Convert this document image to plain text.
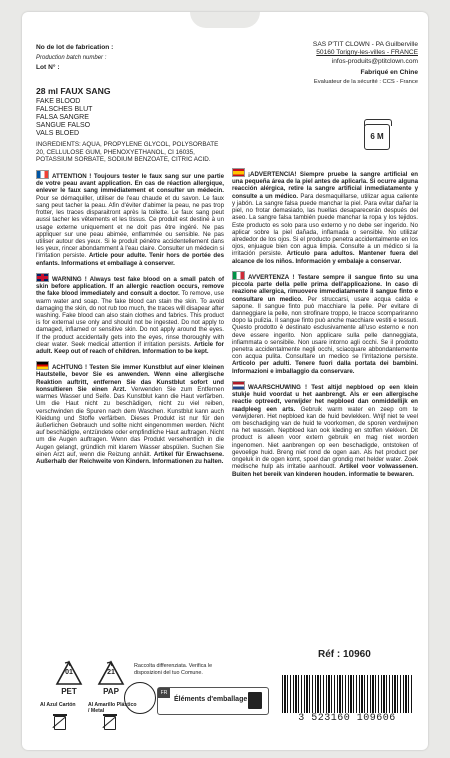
No de lot de fabrication :
Production batch number :
Lot N° :
SAS P'TIT CLOWN - PA Guilberville
50160 Torigny-les-villes - FRANCE
infos-produits@ptitclown.com
Fabriqué en Chine
Evaluateur de la sécurité : CCS - France
6 M
28 ml FAUX SANG
FAKE BLOOD
FALSCHES BLUT
FALSA SANGRE
SANGUE FALSO
VALS BLOED
INGREDIENTS: AQUA, PROPYLENE GLYCOL, POLYSORBATE 20, CELLULOSE GUM, PHENOXYETHANOL, CI 16035, POTASSIUM SORBATE, SODIUM BENZOATE, CITRIC ACID.
ATTENTION ! Toujours tester le faux sang sur une partie de votre peau avant application. En cas de réaction allergique, enlever le faux sang immédiatement et consulter un médecin. Pour se démaquiller, utiliser de l'eau chaude et du savon. Le faux sang peut tacher la peau. Afin d'éviter d'abimer la peau, ne pas trop frotter, les traces disparaitront après la toilette. Le faux sang peut aussi tacher les vêtements et les tissus. Ce produit est destiné à un usage externe uniquement et ne doit pas être ingéré. Ne pas appliquer sur une peau abimée, enflammée ou sensible. Ne pas utiliser autour des yeux. Si le produit pénètre accidentellement dans les yeux, rincer abondamment à l'eau claire. Consulter un médecin si l'irritation persiste. Article pour adulte. Tenir hors de portée des enfants. Informations et emballage à conserver.
WARNING ! Always test fake blood on a small patch of skin before application. If an allergic reaction occurs, remove the fake blood immediately and consult a doctor. To remove, use warm water and soap. The fake blood can stain the skin. To avoid damaging the skin, do not rub too much, the traces will disapear after washing. Fake blood can also stain clothes and fabrics. This product is for external use only and should not be ingested. Do not apply to damaged, inflamed or sensitive skin. Do not apply around the eyes. If the product accidentally gets into the eyes, rinse thoroughly with clear water. Seek medical attention if irritation persists. Article for adult. Keep out of reach of children. Information to be kept.
ACHTUNG ! Testen Sie immer Kunstblut auf einer kleinen Hautstelle, bevor Sie es anwenden. Wenn eine allergische Reaktion auftritt, entfernen Sie das Kunstblut sofort und konsultieren Sie einen Arzt. Verwenden Sie zum Entfernen warmes Wasser und Seife. Das Kunstblut kann die Haut verfärben. Um die Haut nicht zu beschädigen, nicht zu viel reiben, verschwinden die Spuren nach dem Waschen. Kunstblut kann auch Kleidung und Stoffe verfärben. Dieses Produkt ist nur für den äußerlichen Gebrauch und sollte nicht eingenommen werden. Nicht auf beschädigte, entzündete oder empfindliche Haut auftragen. Nicht um die Augen auftragen. Wenn das Produkt versehentlich in die Augen gelangt, gründlich mit klarem Wasser abspülen. Suchen Sie einen Arzt auf, wenn die Reizung anhält. Artikel für Erwachsene. Außerhalb der Reichweite von Kindern. Informationen zu halten.
¡ADVERTENCIA! Siempre pruebe la sangre artificial en una pequeña área de la piel antes de aplicarla. Si ocurre alguna reacción alérgica, retire la sangre artificial inmediatamente y consulte a un médico. Para desmaquillarse, utilizar agua caliente y jabón. La sangre falsa puede manchar la piel. Para evitar dañar la piel, no frotar demasiado, las huellas desaparecerán después del aseo. La sangre falsa también puede manchar la ropa y los tejidos. Este producto es solo para uso externo y no debe ser ingerido. No aplicar sobre la piel dañada, inflamada o sensible. No utilizar alrededor de los ojos. Si el producto penetra accidentalmente en los ojos, enjuague bien con agua limpia. Consulte a un médico si la irritación persiste. Artículo para adultos. Mantener fuera del alcance de los niños. Información y embalaje a conservar.
AVVERTENZA ! Testare sempre il sangue finto su una piccola parte della pelle prima dell'applicazione. In caso di reazione allergica, rimuovere immediatamente il sangue finto e consultare un medico. Per struccarsi, usare acqua calda e sapone. Il sangue finto può macchiare la pelle. Per evitare di danneggiare la pelle, non strofinare troppo, le tracce scompariranno dopo la pulizia. Il sangue finto può anche macchiare vestiti e tessuti. Questo prodotto è destinato esclusivamente all'uso esterno e non deve essere ingerito. Non applicare sulla pelle danneggiata, infiammata o sensibile. Non usare intorno agli occhi. Se il prodotto penetra accidentalmente negli occhi, sciacquare abbondantemente con acqua pulita. Consultare un medico se l'irritazione persiste. Articolo per adulti. Tenere fuori dalla portata dei bambini. Informazioni e imballaggio da conservare.
WAARSCHUWING ! Test altijd nepbloed op een klein stukje huid voordat u het aanbrengt. Als er een allergische reactie optreedt, verwijder het nepbloed dan onmiddellijk en raadpleeg een arts. Gebruik warm water en zeep om te verwijderen. Het nepbloed kan de huid bevlekken. Wrijf niet te veel om beschadiging van de huid te voorkomen, de sporen verdwijnen na het wassen. Nepbloed kan ook kleding en stoffen vlekken. Dit product is alleen voor extern gebruik en mag niet worden ingenomen. Niet aanbrengen op een beschadigde, ontstoken of gevoelige huid. Breng niet rond de ogen aan. Als het product per ongeluk in de ogen komt, spoel dan grondig met helder water. Zoek medische hulp als irritatie aanhoudt. Artikel voor volwassenen. Buiten het bereik van kinderen houden. informatie te bewaren.
Réf : 10960
01
PET
21
PAP
Raccolta differenziata. Verifica le disposizioni del tuo Comune.
Al Azul Cartón	Al Amarillo Plástico / Metal
FR
Éléments d'emballage
3 523160 109606
